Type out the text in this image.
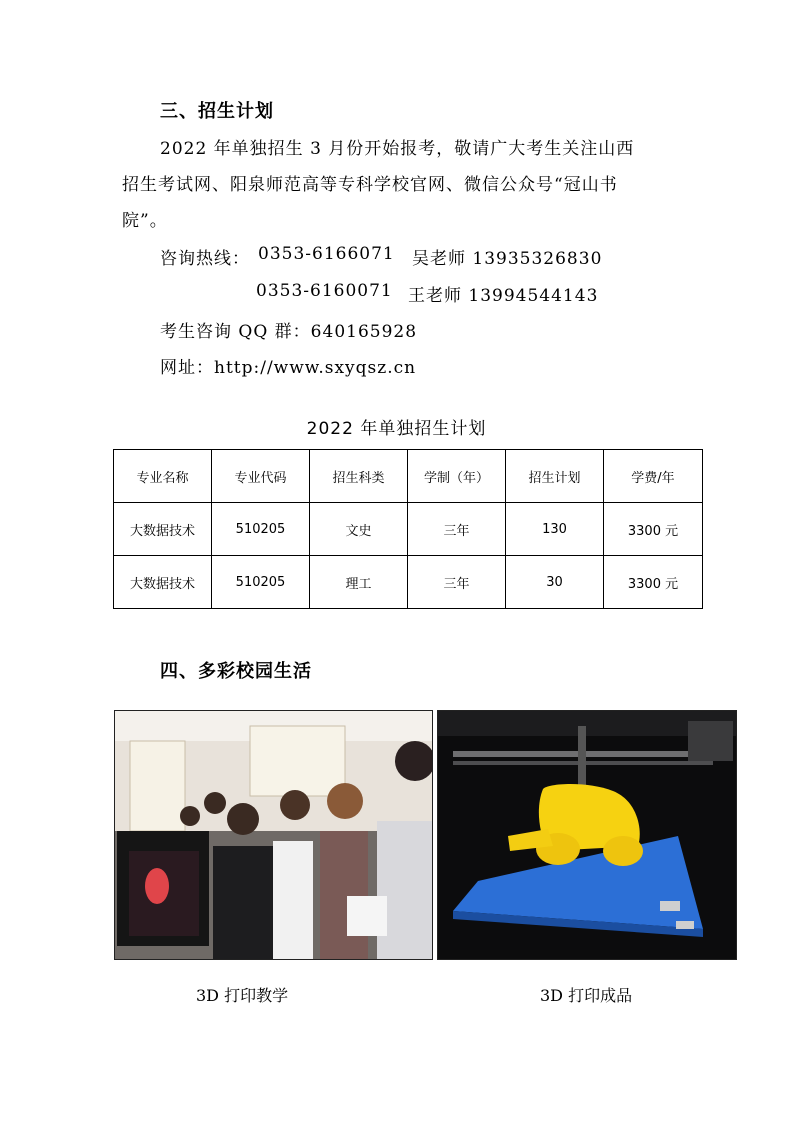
三、招生计划
2022 年单独招生 3 月份开始报考，敬请广大考生关注山西
招生考试网、阳泉师范高等专科学校官网、微信公众号“冠山书
院”。
咨询热线： 0353-6166071 吴老师 13935326830
0353-6160071 王老师 13994544143
考生咨询 QQ 群：640165928
网址：http://www.sxyqsz.cn
2022 年单独招生计划
专业名称	专业代码	招生科类	学制（年）	招生计划	学费/年
大数据技术	510205	文史	三年	130	3300 元
大数据技术	510205	理工	三年	30	3300 元
四、多彩校园生活
3D 打印教学	3D 打印成品
